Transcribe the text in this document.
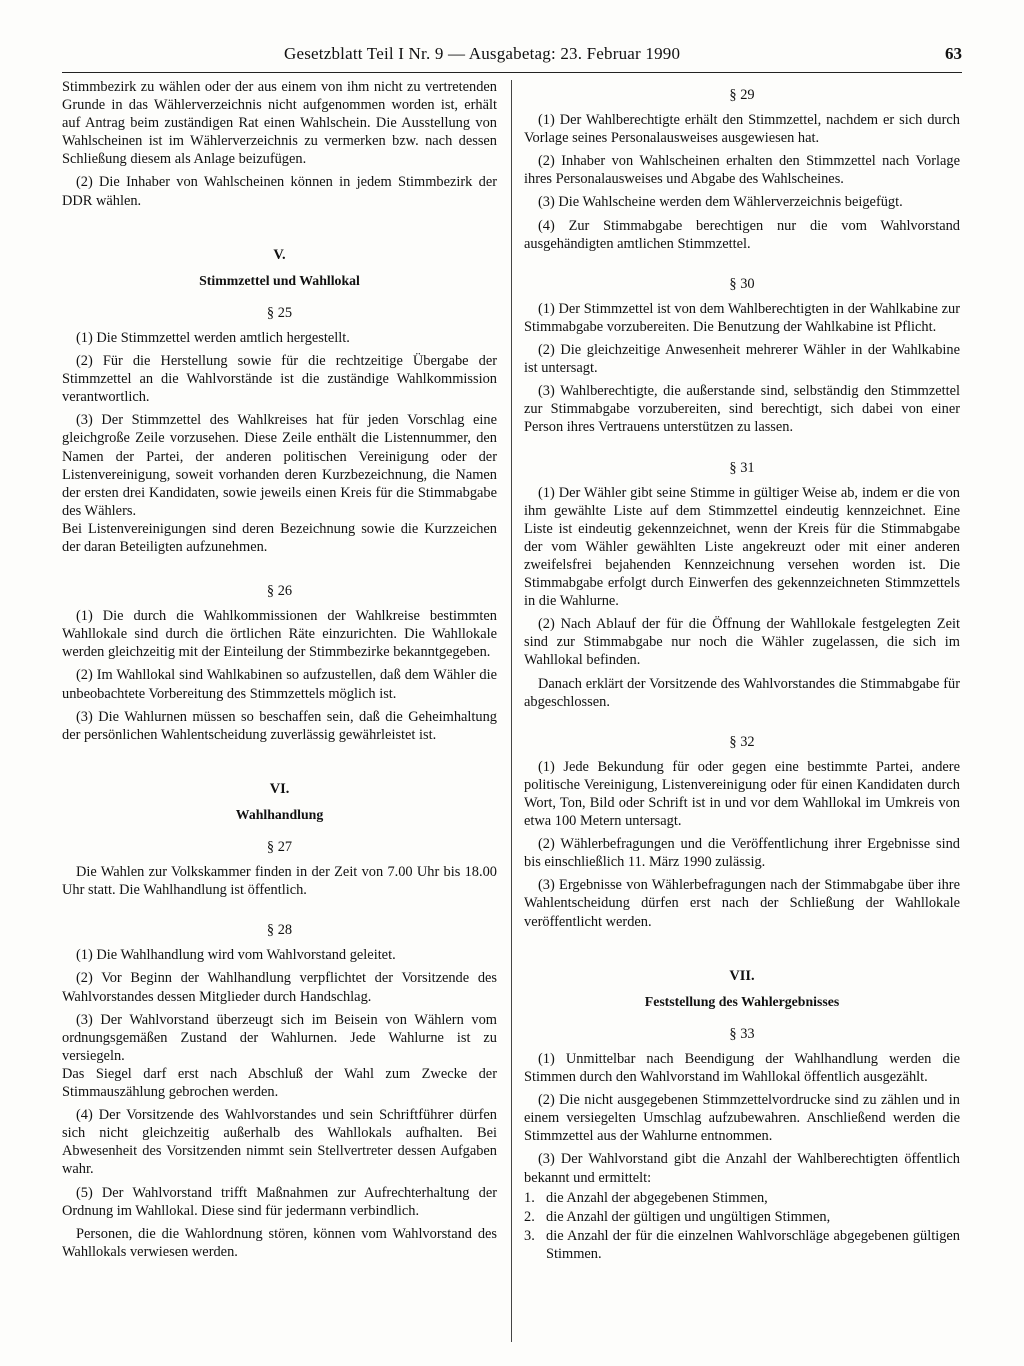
Gesetzblatt Teil I Nr. 9 — Ausgabetag: 23. Februar 1990	63

Stimmbezirk zu wählen oder der aus einem von ihm nicht zu vertretenden Grunde in das Wählerverzeichnis nicht aufgenommen worden ist, erhält auf Antrag beim zuständigen Rat einen Wahlschein. Die Ausstellung von Wahlscheinen ist im Wählerverzeichnis zu vermerken bzw. nach dessen Schließung diesem als Anlage beizufügen.

(2) Die Inhaber von Wahlscheinen können in jedem Stimmbezirk der DDR wählen.

V.
Stimmzettel und Wahllokal
§ 25

(1) Die Stimmzettel werden amtlich hergestellt.

(2) Für die Herstellung sowie für die rechtzeitige Übergabe der Stimmzettel an die Wahlvorstände ist die zuständige Wahlkommission verantwortlich.

(3) Der Stimmzettel des Wahlkreises hat für jeden Vorschlag eine gleichgroße Zeile vorzusehen. Diese Zeile enthält die Listennummer, den Namen der Partei, der anderen politischen Vereinigung oder der Listenvereinigung, soweit vorhanden deren Kurzbezeichnung, die Namen der ersten drei Kandidaten, sowie jeweils einen Kreis für die Stimmabgabe des Wählers.

Bei Listenvereinigungen sind deren Bezeichnung sowie die Kurzzeichen der daran Beteiligten aufzunehmen.

§ 26

(1) Die durch die Wahlkommissionen der Wahlkreise bestimmten Wahllokale sind durch die örtlichen Räte einzurichten. Die Wahllokale werden gleichzeitig mit der Einteilung der Stimmbezirke bekanntgegeben.

(2) Im Wahllokal sind Wahlkabinen so aufzustellen, daß dem Wähler die unbeobachtete Vorbereitung des Stimmzettels möglich ist.

(3) Die Wahlurnen müssen so beschaffen sein, daß die Geheimhaltung der persönlichen Wahlentscheidung zuverlässig gewährleistet ist.

VI.
Wahlhandlung
§ 27

Die Wahlen zur Volkskammer finden in der Zeit von 7.00 Uhr bis 18.00 Uhr statt. Die Wahlhandlung ist öffentlich.

§ 28

(1) Die Wahlhandlung wird vom Wahlvorstand geleitet.

(2) Vor Beginn der Wahlhandlung verpflichtet der Vorsitzende des Wahlvorstandes dessen Mitglieder durch Handschlag.

(3) Der Wahlvorstand überzeugt sich im Beisein von Wählern vom ordnungsgemäßen Zustand der Wahlurnen. Jede Wahlurne ist zu versiegeln.

Das Siegel darf erst nach Abschluß der Wahl zum Zwecke der Stimmauszählung gebrochen werden.

(4) Der Vorsitzende des Wahlvorstandes und sein Schriftführer dürfen sich nicht gleichzeitig außerhalb des Wahllokals aufhalten. Bei Abwesenheit des Vorsitzenden nimmt sein Stellvertreter dessen Aufgaben wahr.

(5) Der Wahlvorstand trifft Maßnahmen zur Aufrechterhaltung der Ordnung im Wahllokal. Diese sind für jedermann verbindlich.

Personen, die die Wahlordnung stören, können vom Wahlvorstand des Wahllokals verwiesen werden.

§ 29

(1) Der Wahlberechtigte erhält den Stimmzettel, nachdem er sich durch Vorlage seines Personalausweises ausgewiesen hat.

(2) Inhaber von Wahlscheinen erhalten den Stimmzettel nach Vorlage ihres Personalausweises und Abgabe des Wahlscheines.

(3) Die Wahlscheine werden dem Wählerverzeichnis beigefügt.

(4) Zur Stimmabgabe berechtigen nur die vom Wahlvorstand ausgehändigten amtlichen Stimmzettel.

§ 30

(1) Der Stimmzettel ist von dem Wahlberechtigten in der Wahlkabine zur Stimmabgabe vorzubereiten. Die Benutzung der Wahlkabine ist Pflicht.

(2) Die gleichzeitige Anwesenheit mehrerer Wähler in der Wahlkabine ist untersagt.

(3) Wahlberechtigte, die außerstande sind, selbständig den Stimmzettel zur Stimmabgabe vorzubereiten, sind berechtigt, sich dabei von einer Person ihres Vertrauens unterstützen zu lassen.

§ 31

(1) Der Wähler gibt seine Stimme in gültiger Weise ab, indem er die von ihm gewählte Liste auf dem Stimmzettel eindeutig kennzeichnet. Eine Liste ist eindeutig gekennzeichnet, wenn der Kreis für die Stimmabgabe der vom Wähler gewählten Liste angekreuzt oder mit einer anderen zweifelsfrei bejahenden Kennzeichnung versehen worden ist. Die Stimmabgabe erfolgt durch Einwerfen des gekennzeichneten Stimmzettels in die Wahlurne.

(2) Nach Ablauf der für die Öffnung der Wahllokale festgelegten Zeit sind zur Stimmabgabe nur noch die Wähler zugelassen, die sich im Wahllokal befinden.

Danach erklärt der Vorsitzende des Wahlvorstandes die Stimmabgabe für abgeschlossen.

§ 32

(1) Jede Bekundung für oder gegen eine bestimmte Partei, andere politische Vereinigung, Listenvereinigung oder für einen Kandidaten durch Wort, Ton, Bild oder Schrift ist in und vor dem Wahllokal im Umkreis von etwa 100 Metern untersagt.

(2) Wählerbefragungen und die Veröffentlichung ihrer Ergebnisse sind bis einschließlich 11. März 1990 zulässig.

(3) Ergebnisse von Wählerbefragungen nach der Stimmabgabe über ihre Wahlentscheidung dürfen erst nach der Schließung der Wahllokale veröffentlicht werden.

VII.
Feststellung des Wahlergebnisses
§ 33

(1) Unmittelbar nach Beendigung der Wahlhandlung werden die Stimmen durch den Wahlvorstand im Wahllokal öffentlich ausgezählt.

(2) Die nicht ausgegebenen Stimmzettelvordrucke sind zu zählen und in einem versiegelten Umschlag aufzubewahren. Anschließend werden die Stimmzettel aus der Wahlurne entnommen.

(3) Der Wahlvorstand gibt die Anzahl der Wahlberechtigten öffentlich bekannt und ermittelt:

1. die Anzahl der abgegebenen Stimmen,
2. die Anzahl der gültigen und ungültigen Stimmen,
3. die Anzahl der für die einzelnen Wahlvorschläge abgegebenen gültigen Stimmen.
